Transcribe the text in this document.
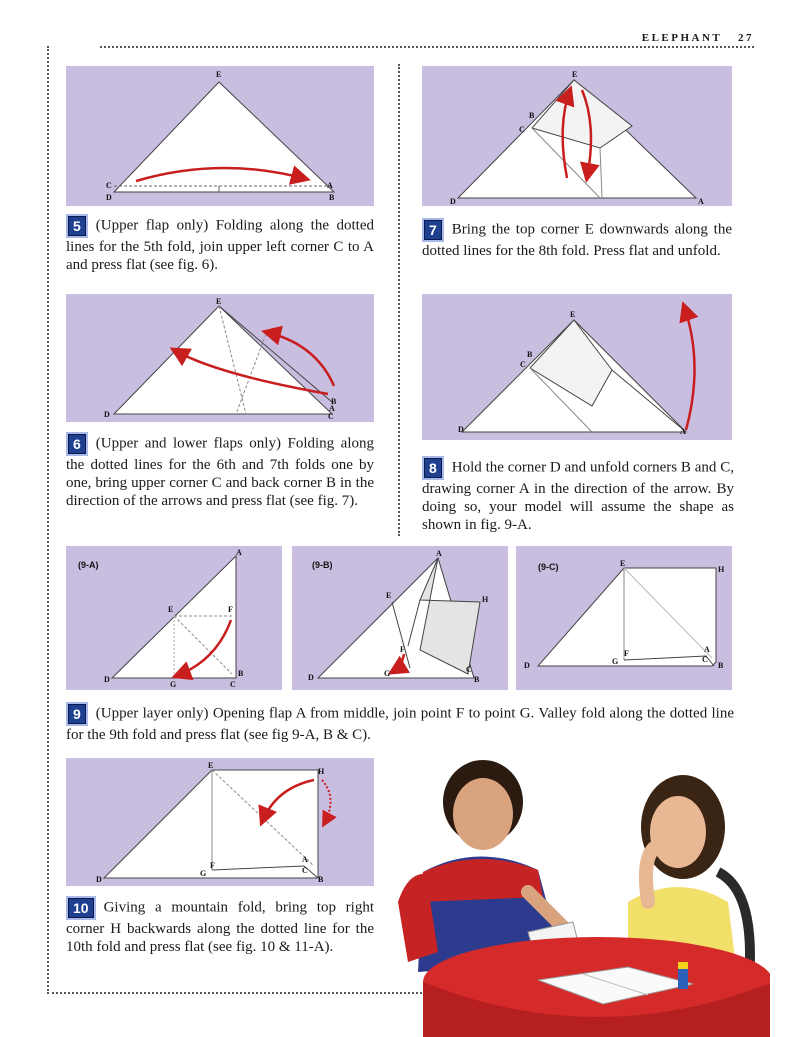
ELEPHANT 27
E
C
D
A
B
5 (Upper flap only) Folding along the dotted lines for the 5th fold, join upper left corner C to A and press flat (see fig. 6).
E
D
B
A
C
6 (Upper and lower flaps only) Folding along the dotted lines for the 6th and 7th folds one by one, bring upper corner C and back corner B in the direction of the arrows and press flat (see fig. 7).
E
B
C
D	A
7 Bring the top corner E downwards along the dotted lines for the 8th fold. Press flat and unfold.
E
B
C
D	A
8 Hold the corner D and unfold corners B and C, drawing corner A in the direction of the arrow. By doing so, your model will assume the shape as shown in fig. 9-A.
(9-A)
A
E	F
D
G	C
B
(9-B)
A
E	H
F
D	G	C
B
(9-C)	E
H
D	G
F	A
C
B
9 (Upper layer only) Opening flap A from middle, join point F to point G. Valley fold along the dotted line for the 9th fold and press flat (see fig 9-A, B & C).
E
H
D
G
F
A
C
B
10 Giving a mountain fold, bring top right corner H backwards along the dotted line for the 10th fold and press flat (see fig. 10 & 11-A).
